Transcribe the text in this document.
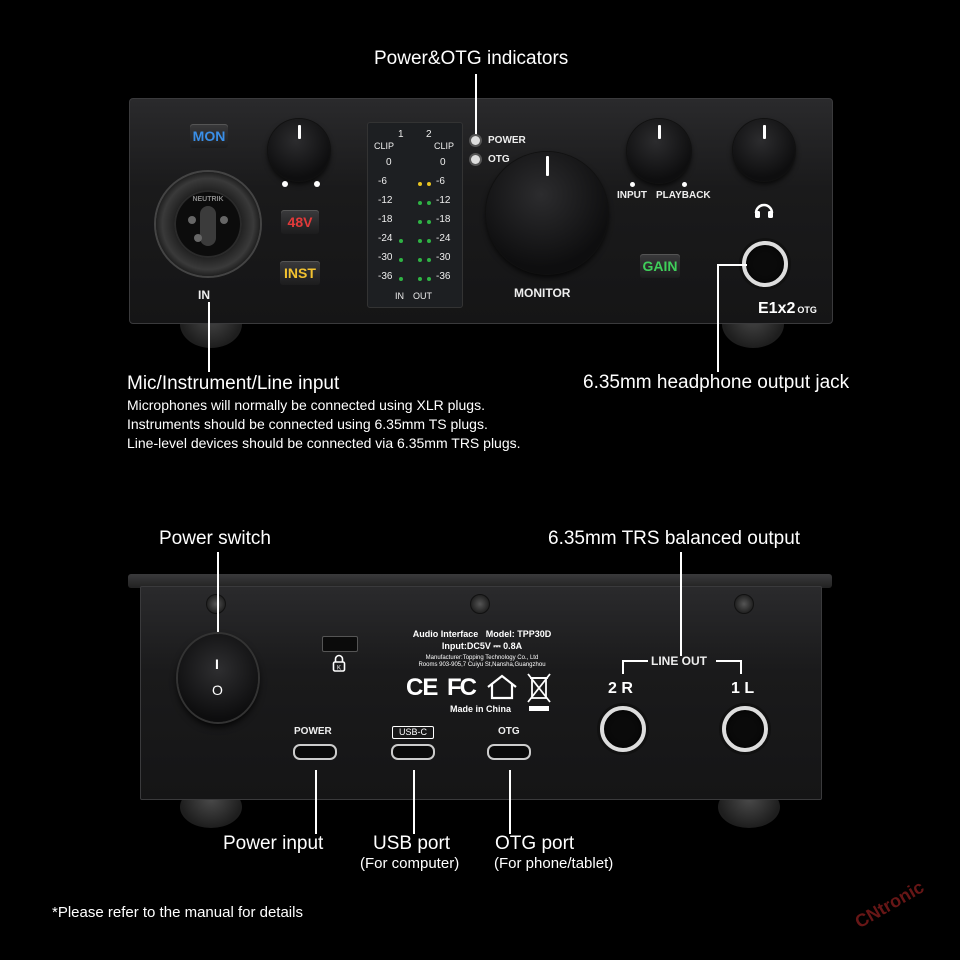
Power&OTG indicators
MON
NEUTRIK
IN
48V
INST
1 2
CLIP	CLIP
0	0
-6	-6
-12	-12
-18	-18
-24	-24
-30	-30
-36	-36
IN OUT
POWER
OTG
MONITOR
INPUT PLAYBACK
GAIN
E1x2 OTG
Mic/Instrument/Line input
Microphones will normally be connected using XLR plugs.
Instruments should be connected using 6.35mm TS plugs.
Line-level devices should be connected via 6.35mm TRS plugs.
6.35mm headphone output jack
Power switch	6.35mm TRS balanced output
I
O
K
Audio Interface   Model: TPP30D
Input:DC5V ⎓ 0.8A
Manufacturer:Topping Technology Co., Ltd
Rooms 903-905,7 Cuiyu St,Nansha,Guangzhou
CE FC
Made in China
POWER	USB-C	OTG
LINE OUT
2 R	1 L
Power input	USB port
(For computer)
OTG port
(For phone/tablet)
*Please refer to the manual for details	CNtronic
